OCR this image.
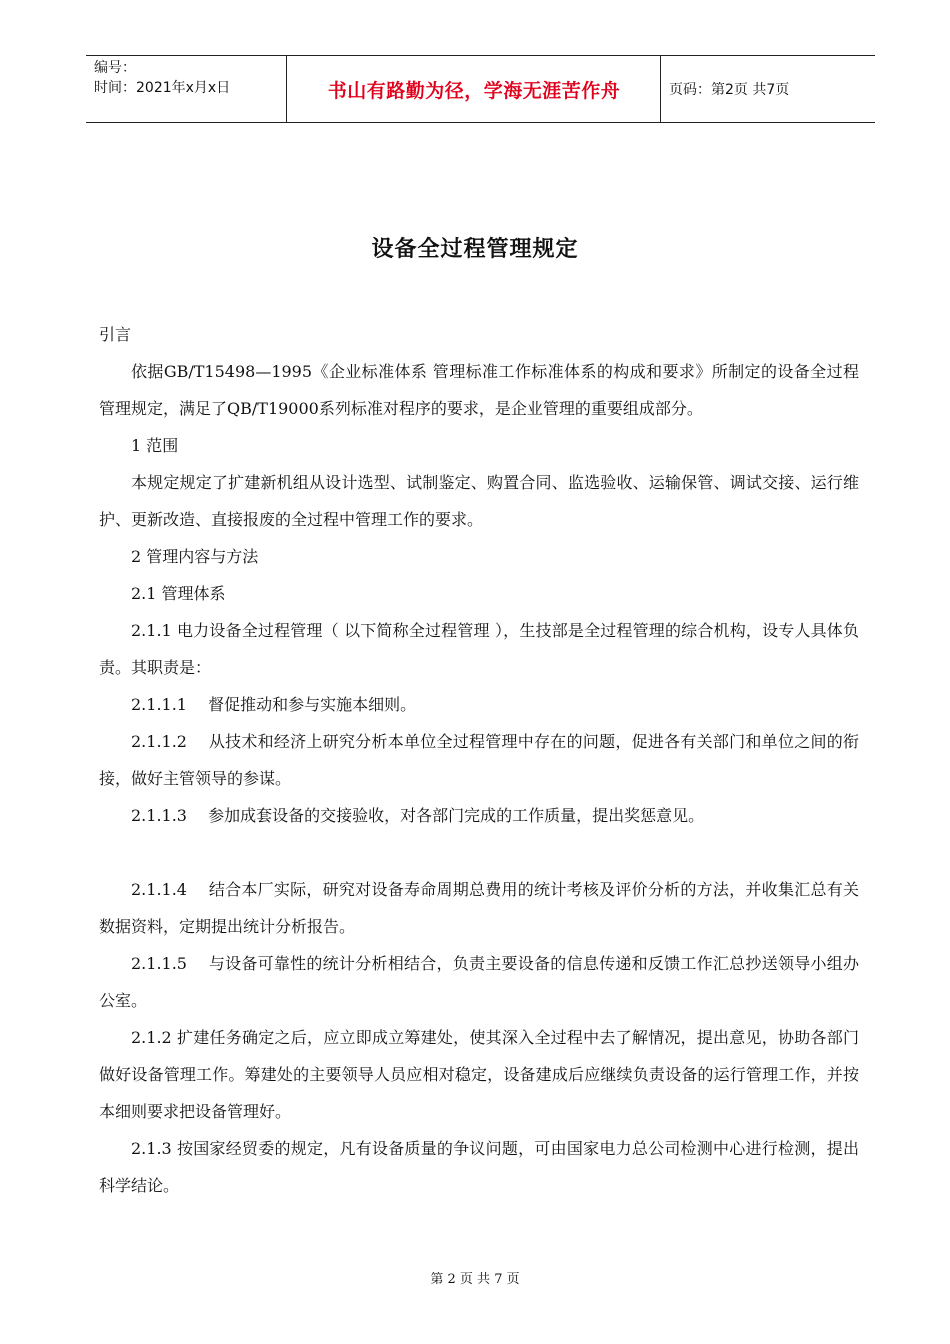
编号：
时间：2021年x月x日	书山有路勤为径，学海无涯苦作舟	页码：第2页 共7页
设备全过程管理规定

引言

依据GB/T15498—1995《企业标准体系 管理标准工作标准体系的构成和要求》所制定的设备全过程管理规定，满足了QB/T19000系列标准对程序的要求，是企业管理的重要组成部分。

1 范围

本规定规定了扩建新机组从设计选型、试制鉴定、购置合同、监选验收、运输保管、调试交接、运行维护、更新改造、直接报废的全过程中管理工作的要求。

2 管理内容与方法

2.1 管理体系

2.1.1 电力设备全过程管理（ 以下简称全过程管理 ），生技部是全过程管理的综合机构，设专人具体负责。其职责是：

2.1.1.1　 督促推动和参与实施本细则。

2.1.1.2　 从技术和经济上研究分析本单位全过程管理中存在的问题，促进各有关部门和单位之间的衔接，做好主管领导的参谋。

2.1.1.3　 参加成套设备的交接验收，对各部门完成的工作质量，提出奖惩意见。

2.1.1.4　 结合本厂实际，研究对设备寿命周期总费用的统计考核及评价分析的方法，并收集汇总有关数据资料，定期提出统计分析报告。

2.1.1.5　 与设备可靠性的统计分析相结合，负责主要设备的信息传递和反馈工作汇总抄送领导小组办公室。

2.1.2 扩建任务确定之后，应立即成立筹建处，使其深入全过程中去了解情况，提出意见，协助各部门做好设备管理工作。筹建处的主要领导人员应相对稳定，设备建成后应继续负责设备的运行管理工作，并按本细则要求把设备管理好。

2.1.3 按国家经贸委的规定，凡有设备质量的争议问题，可由国家电力总公司检测中心进行检测，提出科学结论。

第 2 页 共 7 页
